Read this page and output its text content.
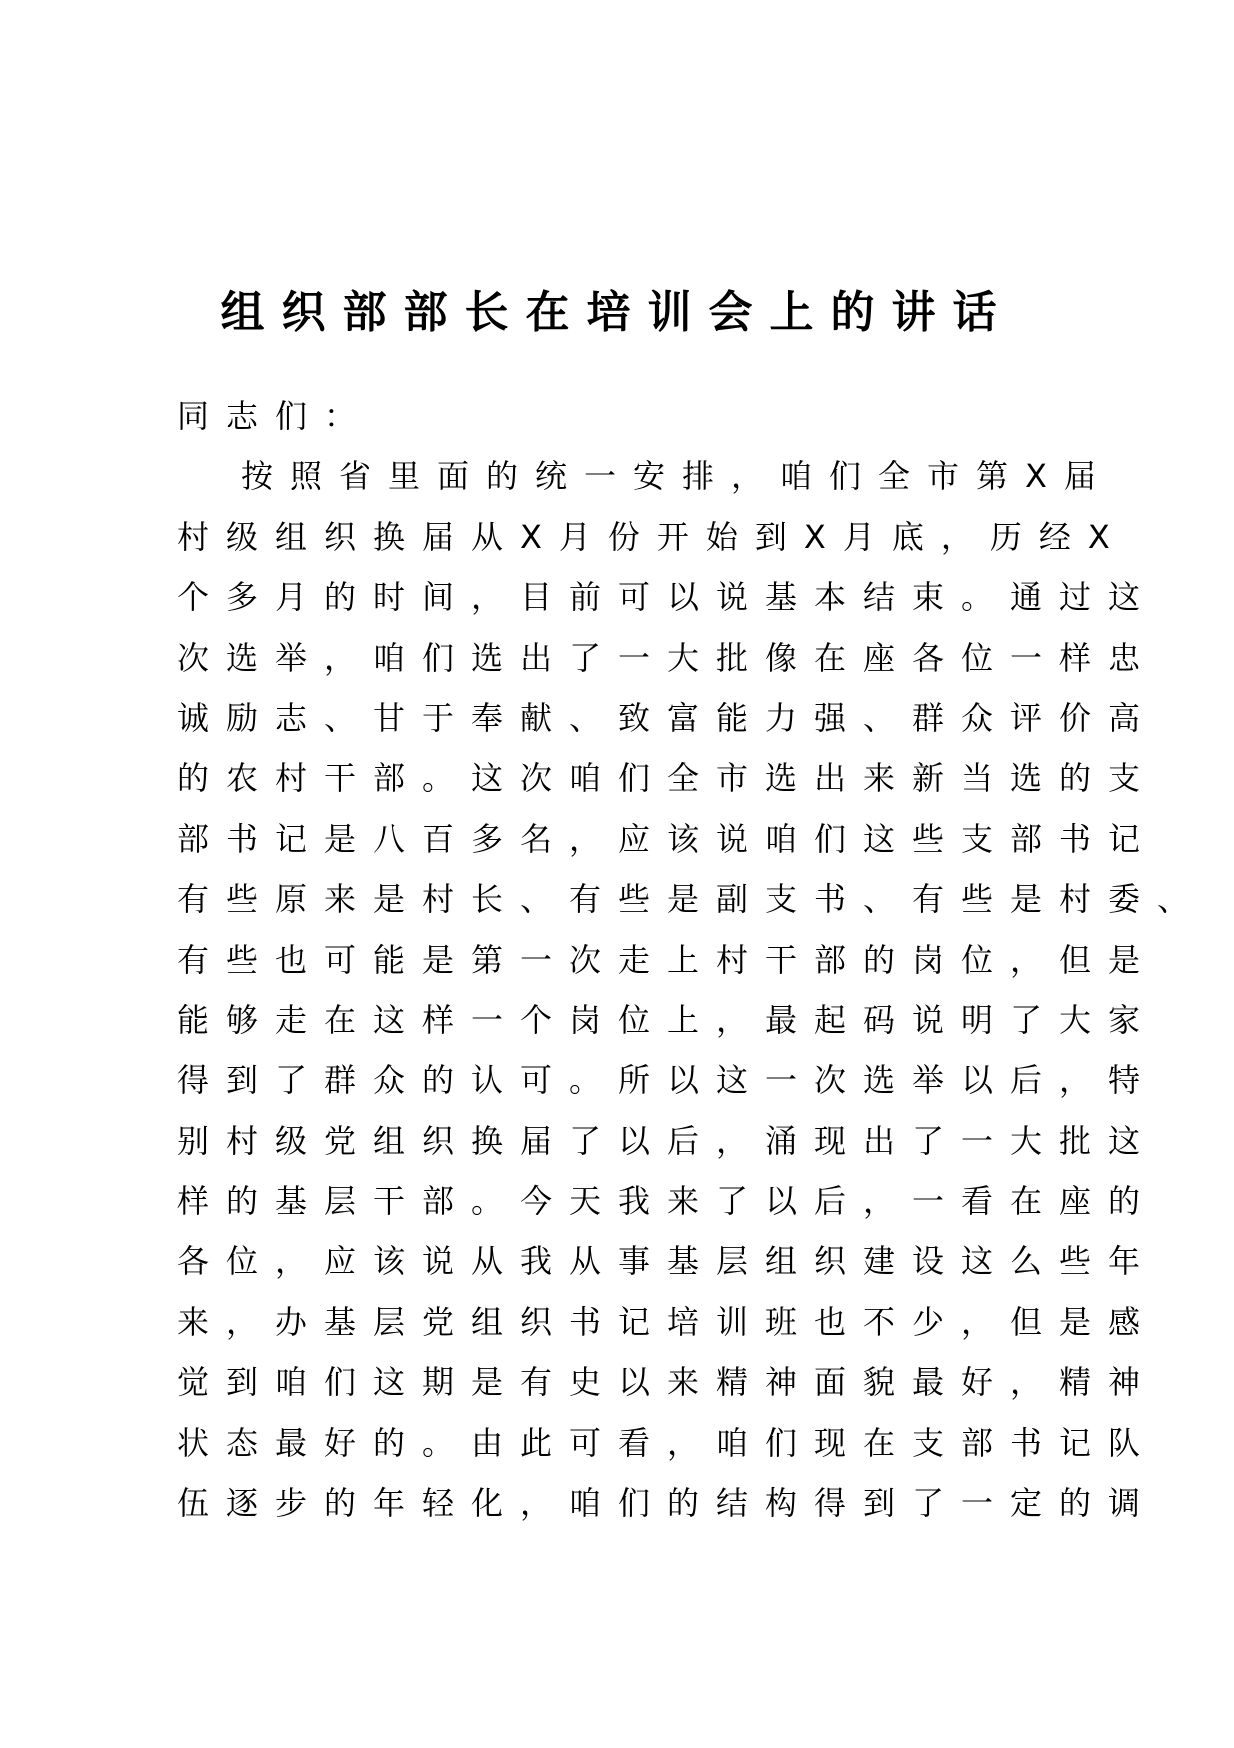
组织部部长在培训会上的讲话
同志们：
按照省里面的统一安排，咱们全市第X届
村级组织换届从X月份开始到X月底，历经X
个多月的时间，目前可以说基本结束。通过这
次选举，咱们选出了一大批像在座各位一样忠
诚励志、甘于奉献、致富能力强、群众评价高
的农村干部。这次咱们全市选出来新当选的支
部书记是八百多名，应该说咱们这些支部书记
有些原来是村长、有些是副支书、有些是村委、
有些也可能是第一次走上村干部的岗位，但是
能够走在这样一个岗位上，最起码说明了大家
得到了群众的认可。所以这一次选举以后，特
别村级党组织换届了以后，涌现出了一大批这
样的基层干部。今天我来了以后，一看在座的
各位，应该说从我从事基层组织建设这么些年
来，办基层党组织书记培训班也不少，但是感
觉到咱们这期是有史以来精神面貌最好，精神
状态最好的。由此可看，咱们现在支部书记队
伍逐步的年轻化，咱们的结构得到了一定的调
